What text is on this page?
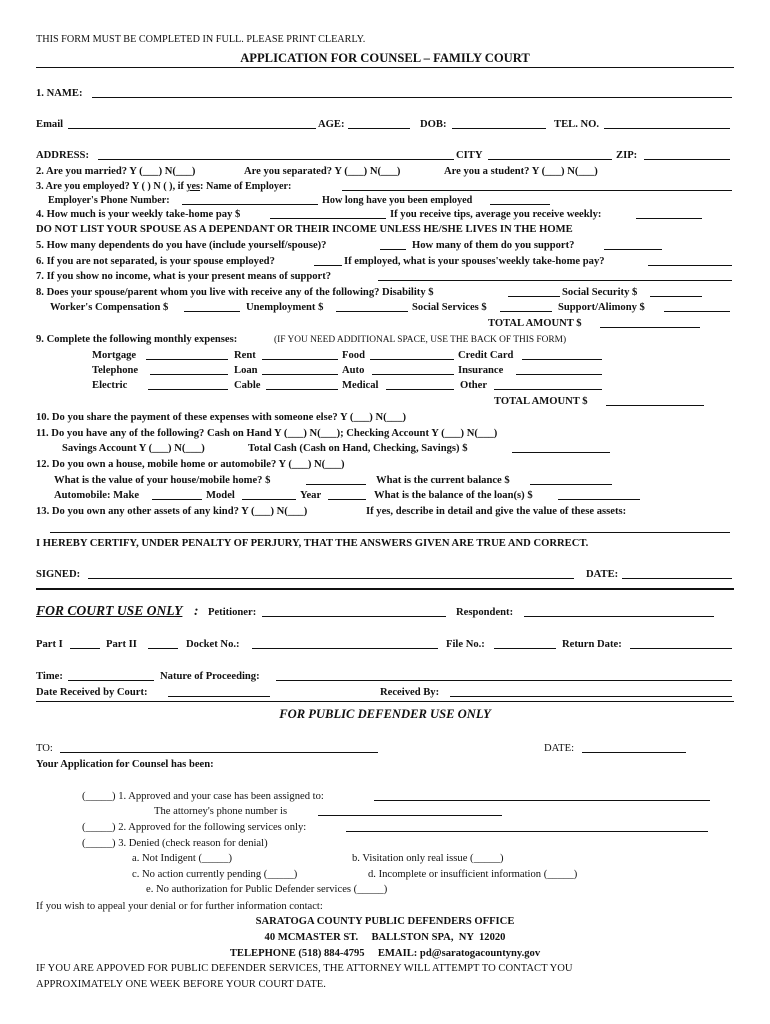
THIS FORM MUST BE COMPLETED IN FULL. PLEASE PRINT CLEARLY.
APPLICATION FOR COUNSEL – FAMILY COURT
1. NAME:
Email	AGE:	DOB:	TEL. NO.
ADDRESS:	CITY	ZIP:
2. Are you married? Y (___) N(___)	Are you separated? Y (___) N(___)	Are you a student? Y (___) N(___)
3. Are you employed? Y ( ) N ( ), if yes: Name of Employer:
Employer's Phone Number:	How long have you been employed
4. How much is your weekly take-home pay $	If you receive tips, average you receive weekly:
DO NOT LIST YOUR SPOUSE AS A DEPENDANT OR THEIR INCOME UNLESS HE/SHE LIVES IN THE HOME
5. How many dependents do you have (include yourself/spouse)?	How many of them do you support?
6. If you are not separated, is your spouse employed?	If employed, what is your spouses'weekly take-home pay?
7. If you show no income, what is your present means of support?
8. Does your spouse/parent whom you live with receive any of the following? Disability $	Social Security $
Worker's Compensation $	Unemployment $	Social Services $	Support/Alimony $
TOTAL AMOUNT $
9. Complete the following monthly expenses:	(IF YOU NEED ADDITIONAL SPACE, USE THE BACK OF THIS FORM)
Mortgage	Rent	Food	Credit Card
Telephone	Loan	Auto	Insurance
Electric	Cable	Medical	Other
TOTAL AMOUNT $
10. Do you share the payment of these expenses with someone else? Y (___) N(___)
11. Do you have any of the following? Cash on Hand Y (___) N(___); Checking Account Y (___) N(___)
Savings Account Y (___) N(___)	Total Cash (Cash on Hand, Checking, Savings) $
12. Do you own a house, mobile home or automobile? Y (___) N(___)
What is the value of your house/mobile home? $	What is the current balance $
Automobile: Make	Model	Year	What is the balance of the loan(s) $
13. Do you own any other assets of any kind? Y (___) N(___)	If yes, describe in detail and give the value of these assets:
I HEREBY CERTIFY, UNDER PENALTY OF PERJURY, THAT THE ANSWERS GIVEN ARE TRUE AND CORRECT.
SIGNED:	DATE:
FOR COURT USE ONLY : Petitioner:	Respondent:
Part I	Part II	Docket No.:	File No.:	Return Date:
Time:	Nature of Proceeding:
Date Received by Court:	Received By:
FOR PUBLIC DEFENDER USE ONLY
TO:	DATE:
Your Application for Counsel has been:
(_____) 1. Approved and your case has been assigned to:
The attorney's phone number is
(_____) 2. Approved for the following services only:
(_____) 3. Denied (check reason for denial)
a. Not Indigent (_____)	b. Visitation only real issue (_____)
c. No action currently pending (_____)	d. Incomplete or insufficient information (_____)
e. No authorization for Public Defender services (_____)
If you wish to appeal your denial or for further information contact:
SARATOGA COUNTY PUBLIC DEFENDERS OFFICE
40 MCMASTER ST.     BALLSTON SPA,  NY  12020
TELEPHONE (518) 884-4795     EMAIL: pd@saratogacountyny.gov
IF YOU ARE APPOVED FOR PUBLIC DEFENDER SERVICES, THE ATTORNEY WILL ATTEMPT TO CONTACT YOU
APPROXIMATELY ONE WEEK BEFORE YOUR COURT DATE.
